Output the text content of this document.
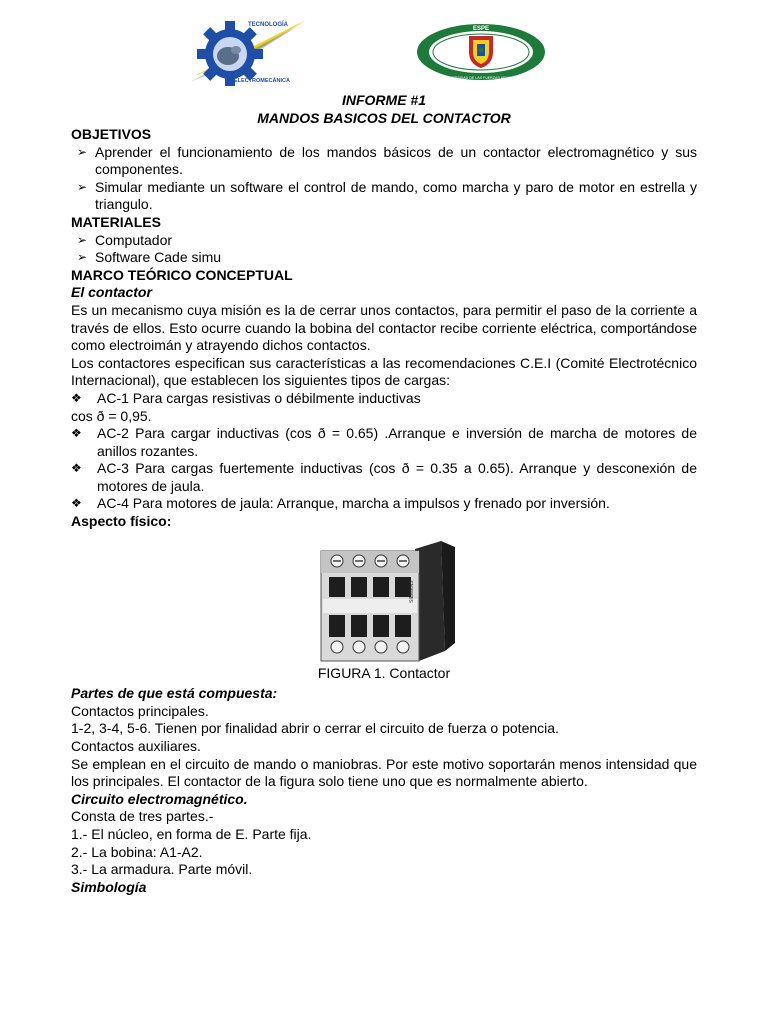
TECNOLOGÍA
ELECTROMECÁNICA
ESPE
UNIVERSIDAD DE LAS FUERZAS ARMADAS
INFORME #1
MANDOS BASICOS DEL CONTACTOR

OBJETIVOS

➢ Aprender el funcionamiento de los mandos básicos de un contactor electromagnético y sus componentes.

➢ Simular mediante un software el control de mando, como marcha y paro de motor en estrella y triangulo.

MATERIALES

➢ Computador

➢ Software Cade simu

MARCO TEÓRICO CONCEPTUAL

El contactor

Es un mecanismo cuya misión es la de cerrar unos contactos, para permitir el paso de la corriente a través de ellos. Esto ocurre cuando la bobina del contactor recibe corriente eléctrica, comportándose como electroimán y atrayendo dichos contactos.

Los contactores especifican sus características a las recomendaciones C.E.I (Comité Electrotécnico Internacional), que establecen los siguientes tipos de cargas:

❖ AC-1 Para cargas resistivas o débilmente inductivas

cos ð = 0,95.

❖ AC-2 Para cargar inductivas (cos ð = 0.65) .Arranque e inversión de marcha de motores de anillos rozantes.

❖ AC-3 Para cargas fuertemente inductivas (cos ð = 0.35 a 0.65). Arranque y desconexión de motores de jaula.

❖ AC-4 Para motores de jaula: Arranque, marcha a impulsos y frenado por inversión.

Aspecto físico:

SIEMENS

FIGURA 1. Contactor

Partes de que está compuesta:

Contactos principales.

1-2, 3-4, 5-6. Tienen por finalidad abrir o cerrar el circuito de fuerza o potencia.

Contactos auxiliares.

Se emplean en el circuito de mando o maniobras. Por este motivo soportarán menos intensidad que los principales. El contactor de la figura solo tiene uno que es normalmente abierto.

Circuito electromagnético.

Consta de tres partes.-

1.- El núcleo, en forma de E. Parte fija.

2.- La bobina: A1-A2.

3.- La armadura. Parte móvil.

Simbología
